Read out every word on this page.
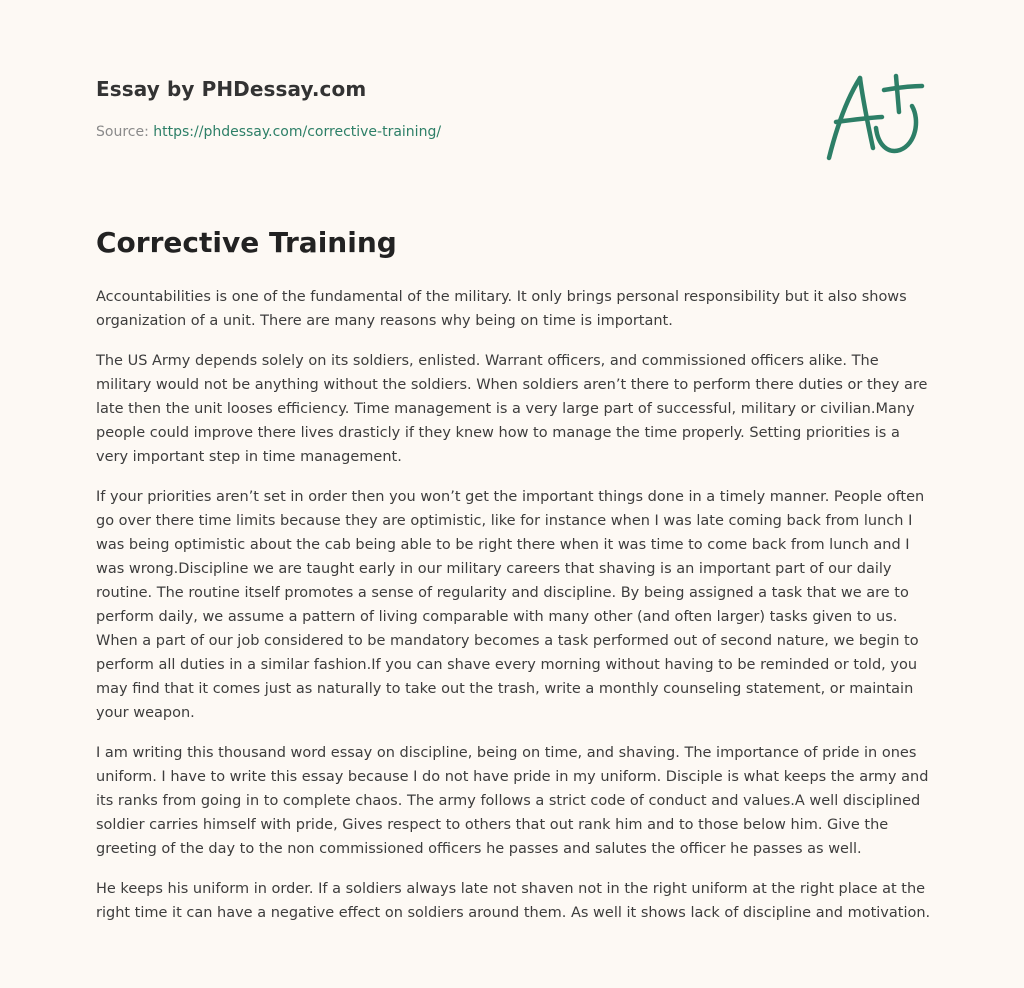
Essay by PHDessay.com
Source: https://phdessay.com/corrective-training/
Corrective Training

Accountabilities is one of the fundamental of the military. It only brings personal responsibility but it also shows organization of a unit. There are many reasons why being on time is important.

The US Army depends solely on its soldiers, enlisted. Warrant officers, and commissioned officers alike. The military would not be anything without the soldiers. When soldiers aren’t there to perform there duties or they are late then the unit looses efficiency. Time management is a very large part of successful, military or civilian.Many people could improve there lives drasticly if they knew how to manage the time properly. Setting priorities is a very important step in time management.

If your priorities aren’t set in order then you won’t get the important things done in a timely manner. People often go over there time limits because they are optimistic, like for instance when I was late coming back from lunch I was being optimistic about the cab being able to be right there when it was time to come back from lunch and I was wrong.Discipline we are taught early in our military careers that shaving is an important part of our daily routine. The routine itself promotes a sense of regularity and discipline. By being assigned a task that we are to perform daily, we assume a pattern of living comparable with many other (and often larger) tasks given to us. When a part of our job considered to be mandatory becomes a task performed out of second nature, we begin to perform all duties in a similar fashion.If you can shave every morning without having to be reminded or told, you may find that it comes just as naturally to take out the trash, write a monthly counseling statement, or maintain your weapon.

I am writing this thousand word essay on discipline, being on time, and shaving. The importance of pride in ones uniform. I have to write this essay because I do not have pride in my uniform. Disciple is what keeps the army and its ranks from going in to complete chaos. The army follows a strict code of conduct and values.A well disciplined soldier carries himself with pride, Gives respect to others that out rank him and to those below him. Give the greeting of the day to the non commissioned officers he passes and salutes the officer he passes as well.

He keeps his uniform in order. If a soldiers always late not shaven not in the right uniform at the right place at the right time it can have a negative effect on soldiers around them. As well it shows lack of discipline and motivation.
